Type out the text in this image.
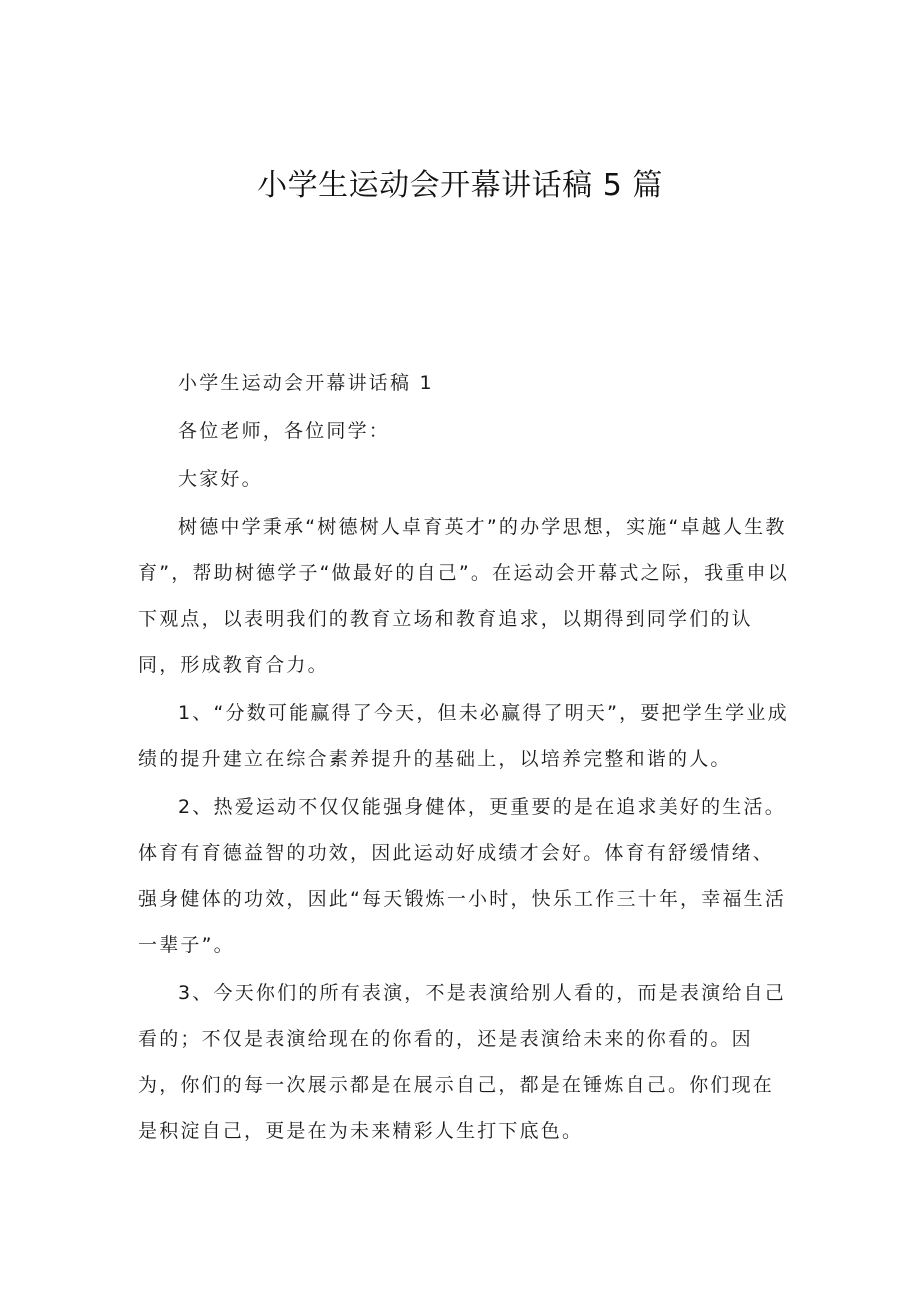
小学生运动会开幕讲话稿 5 篇

小学生运动会开幕讲话稿 1

各位老师，各位同学：

大家好。

树德中学秉承“树德树人卓育英才”的办学思想，实施“卓越人生教育”，帮助树德学子“做最好的自己”。在运动会开幕式之际，我重申以下观点，以表明我们的教育立场和教育追求，以期得到同学们的认同，形成教育合力。

1、“分数可能赢得了今天，但未必赢得了明天”，要把学生学业成绩的提升建立在综合素养提升的基础上，以培养完整和谐的人。

2、热爱运动不仅仅能强身健体，更重要的是在追求美好的生活。体育有育德益智的功效，因此运动好成绩才会好。体育有舒缓情绪、强身健体的功效，因此“每天锻炼一小时，快乐工作三十年，幸福生活一辈子”。

3、今天你们的所有表演，不是表演给别人看的，而是表演给自己看的；不仅是表演给现在的你看的，还是表演给未来的你看的。因为，你们的每一次展示都是在展示自己，都是在锤炼自己。你们现在是积淀自己，更是在为未来精彩人生打下底色。
